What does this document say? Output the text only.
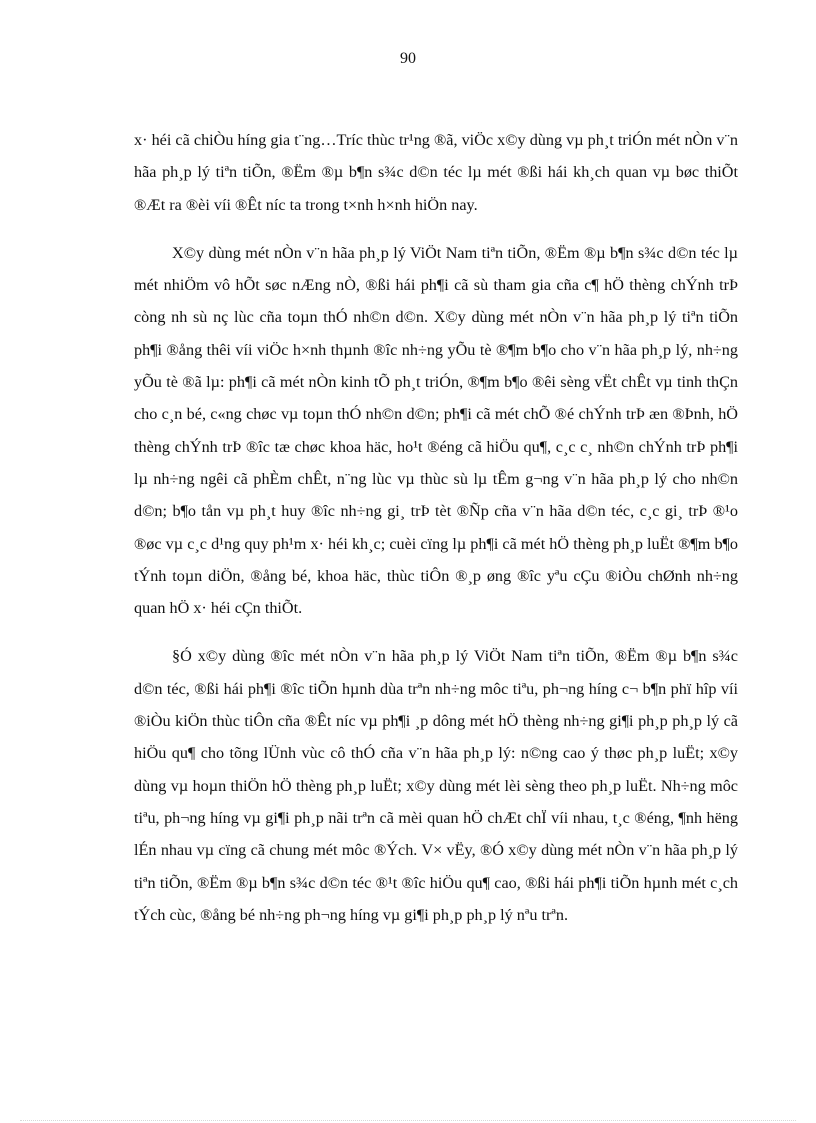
90

x· héi cã chiÒu híng gia t¨ng…Tríc thùc tr¹ng ®ã, viÖc x©y dùng vµ ph¸t triÓn mét nÒn v¨n hãa ph¸p lý tiªn tiÕn, ®Ëm ®µ b¶n s¾c d©n téc lµ mét ®ßi hái kh¸ch quan vµ bøc thiÕt ®Æt ra ®èi víi ®Êt níc ta trong t×nh h×nh hiÖn nay.

X©y dùng mét nÒn v¨n hãa ph¸p lý ViÖt Nam tiªn tiÕn, ®Ëm ®µ b¶n s¾c d©n téc lµ mét nhiÖm vô hÕt søc nÆng nÒ, ®ßi hái ph¶i cã sù tham gia cña c¶ hÖ thèng chÝnh trÞ còng nh sù nç lùc cña toµn thÓ nh©n d©n. X©y dùng mét nÒn v¨n hãa ph¸p lý tiªn tiÕn ph¶i ®ång thêi víi viÖc h×nh thµnh ®îc nh÷ng yÕu tè ®¶m b¶o cho v¨n hãa ph¸p lý, nh÷ng yÕu tè ®ã lµ: ph¶i cã mét nÒn kinh tÕ ph¸t triÓn, ®¶m b¶o ®êi sèng vËt chÊt vµ tinh thÇn cho c¸n bé, c«ng chøc vµ toµn thÓ nh©n d©n; ph¶i cã mét chÕ ®é chÝnh trÞ æn ®Þnh, hÖ thèng chÝnh trÞ ®îc tæ chøc khoa häc, ho¹t ®éng cã hiÖu qu¶, c¸c c¸ nh©n chÝnh trÞ ph¶i lµ nh÷ng ngêi cã phÈm chÊt, n¨ng lùc vµ thùc sù lµ tÊm g¬ng v¨n hãa ph¸p lý cho nh©n d©n; b¶o tån vµ ph¸t huy ®îc nh÷ng gi¸ trÞ tèt ®Ñp cña v¨n hãa d©n téc, c¸c gi¸ trÞ ®¹o ®øc vµ c¸c d¹ng quy ph¹m x· héi kh¸c; cuèi cïng lµ ph¶i cã mét hÖ thèng ph¸p luËt ®¶m b¶o tÝnh toµn diÖn, ®ång bé, khoa häc, thùc tiÔn ®¸p øng ®îc yªu cÇu ®iÒu chØnh nh÷ng quan hÖ x· héi cÇn thiÕt.

§Ó x©y dùng ®îc mét nÒn v¨n hãa ph¸p lý ViÖt Nam tiªn tiÕn, ®Ëm ®µ b¶n s¾c d©n téc, ®ßi hái ph¶i ®îc tiÕn hµnh dùa trªn nh÷ng môc tiªu, ph¬ng híng c¬ b¶n phï hîp víi ®iÒu kiÖn thùc tiÔn cña ®Êt níc vµ ph¶i ¸p dông mét hÖ thèng nh÷ng gi¶i ph¸p ph¸p lý cã hiÖu qu¶ cho tõng lÜnh vùc cô thÓ cña v¨n hãa ph¸p lý: n©ng cao ý thøc ph¸p luËt; x©y dùng vµ hoµn thiÖn hÖ thèng ph¸p luËt; x©y dùng mét lèi sèng theo ph¸p luËt. Nh÷ng môc tiªu, ph¬ng híng vµ gi¶i ph¸p nãi trªn cã mèi quan hÖ chÆt chÏ víi nhau, t¸c ®éng, ¶nh hëng lÉn nhau vµ cïng cã chung mét môc ®Ých. V× vËy, ®Ó x©y dùng mét nÒn v¨n hãa ph¸p lý tiªn tiÕn, ®Ëm ®µ b¶n s¾c d©n téc ®¹t ®îc hiÖu qu¶ cao, ®ßi hái ph¶i tiÕn hµnh mét c¸ch tÝch cùc, ®ång bé nh÷ng ph¬ng híng vµ gi¶i ph¸p ph¸p lý nªu trªn.
